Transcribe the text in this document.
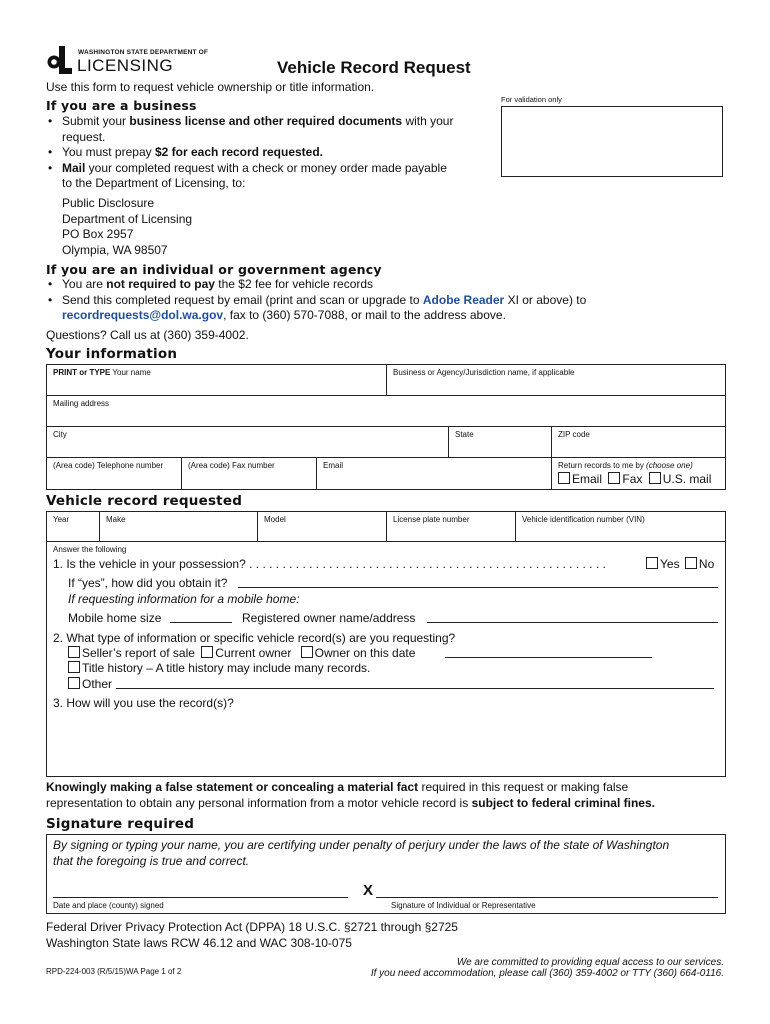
WASHINGTON STATE DEPARTMENT OF
LICENSING	Vehicle Record Request
Use this form to request vehicle ownership or title information.
For validation only
If you are a business
• Submit your business license and other required documents with your
request.
• You must prepay $2 for each record requested.
• Mail your completed request with a check or money order made payable
to the Department of Licensing, to:
Public Disclosure
Department of Licensing
PO Box 2957
Olympia, WA 98507
If you are an individual or government agency
• You are not required to pay the $2 fee for vehicle records
• Send this completed request by email (print and scan or upgrade to Adobe Reader XI or above) to
recordrequests@dol.wa.gov, fax to (360) 570-7088, or mail to the address above.
Questions? Call us at (360) 359-4002.
Your information
PRINT or TYPE Your name	Business or Agency/Jurisdiction name, if applicable
Mailing address
City	State	ZIP code
(Area code) Telephone number	(Area code) Fax number	Email	Return records to me by (choose one)
Email Fax U.S. mail
Vehicle record requested
Year	Make	Model	License plate number	Vehicle identification number (VIN)
Answer the following
1. Is the vehicle in your possession? . . . . . . . . . . . . . . . . . . . . . . . . . . . . . . . . . . . . . . . . . . . . . . . . . . . . . .	Yes No
If “yes”, how did you obtain it?
If requesting information for a mobile home:
Mobile home size	Registered owner name/address
2. What type of information or specific vehicle record(s) are you requesting?
Seller’s report of sale Current owner Owner on this date
Title history – A title history may include many records.
Other
3. How will you use the record(s)?
Knowingly making a false statement or concealing a material fact required in this request or making false
representation to obtain any personal information from a motor vehicle record is subject to federal criminal fines.
Signature required
By signing or typing your name, you are certifying under penalty of perjury under the laws of the state of Washington
that the foregoing is true and correct.
Date and place (county) signed
X
Signature of Individual or Representative
Federal Driver Privacy Protection Act (DPPA) 18 U.S.C. §2721 through §2725
Washington State laws RCW 46.12 and WAC 308-10-075
RPD-224-003 (R/5/15)WA Page 1 of 2
We are committed to providing equal access to our services.
If you need accommodation, please call (360) 359-4002 or TTY (360) 664-0116.
